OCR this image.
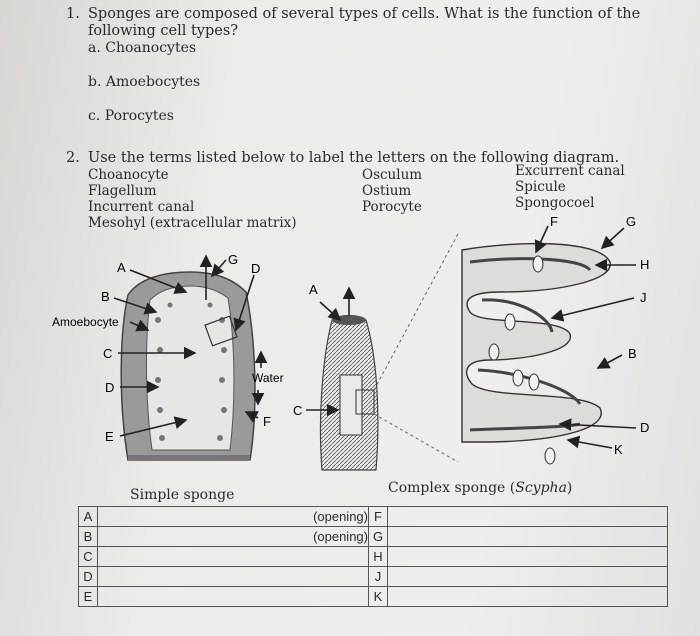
1. Sponges are composed of several types of cells. What is the function of the
following cell types?
a. Choanocytes
b. Amoebocytes
c. Porocytes
2. Use the terms listed below to label the letters on the following diagram.
Choanocyte
Flagellum
Incurrent canal
Mesohyl (extracellular matrix)
Osculum
Ostium
Porocyte
Excurrent canal
Spicule
Spongocoel
A
B
Amoebocyte
C
D
E
G
D
Water
F
A
C
F	G
H
J
B
D
K
Simple sponge	Complex sponge (Scypha)
A	(opening)	F	
B	(opening)	G	
C		H	
D		J	
E		K	
